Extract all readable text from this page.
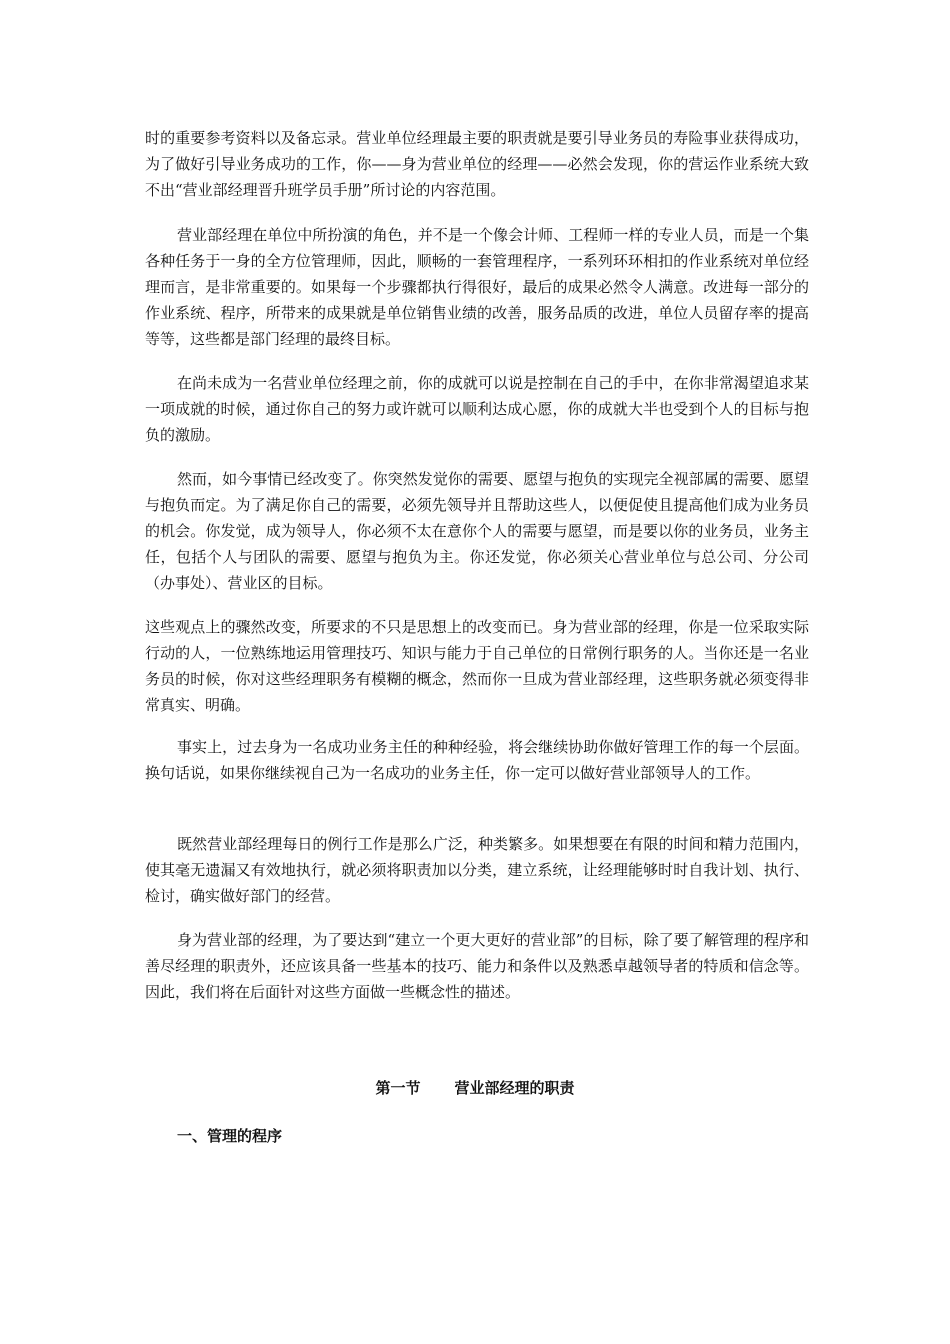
时的重要参考资料以及备忘录。营业单位经理最主要的职责就是要引导业务员的寿险事业获得成功，为了做好引导业务成功的工作，你——身为营业单位的经理——必然会发现，你的营运作业系统大致不出“营业部经理晋升班学员手册”所讨论的内容范围。

营业部经理在单位中所扮演的角色，并不是一个像会计师、工程师一样的专业人员，而是一个集各种任务于一身的全方位管理师，因此，顺畅的一套管理程序，一系列环环相扣的作业系统对单位经理而言，是非常重要的。如果每一个步骤都执行得很好，最后的成果必然令人满意。改进每一部分的作业系统、程序，所带来的成果就是单位销售业绩的改善，服务品质的改进，单位人员留存率的提高等等，这些都是部门经理的最终目标。

在尚未成为一名营业单位经理之前，你的成就可以说是控制在自己的手中，在你非常渴望追求某一项成就的时候，通过你自己的努力或许就可以顺利达成心愿，你的成就大半也受到个人的目标与抱负的激励。

然而，如今事情已经改变了。你突然发觉你的需要、愿望与抱负的实现完全视部属的需要、愿望与抱负而定。为了满足你自己的需要，必须先领导并且帮助这些人，以便促使且提高他们成为业务员的机会。你发觉，成为领导人，你必须不太在意你个人的需要与愿望，而是要以你的业务员，业务主任，包括个人与团队的需要、愿望与抱负为主。你还发觉，你必须关心营业单位与总公司、分公司（办事处）、营业区的目标。

这些观点上的骤然改变，所要求的不只是思想上的改变而已。身为营业部的经理，你是一位采取实际行动的人，一位熟练地运用管理技巧、知识与能力于自己单位的日常例行职务的人。当你还是一名业务员的时候，你对这些经理职务有模糊的概念，然而你一旦成为营业部经理，这些职务就必须变得非常真实、明确。

事实上，过去身为一名成功业务主任的种种经验，将会继续协助你做好管理工作的每一个层面。换句话说，如果你继续视自己为一名成功的业务主任，你一定可以做好营业部领导人的工作。

既然营业部经理每日的例行工作是那么广泛，种类繁多。如果想要在有限的时间和精力范围内，使其毫无遗漏又有效地执行，就必须将职责加以分类，建立系统，让经理能够时时自我计划、执行、检讨，确实做好部门的经营。

身为营业部的经理，为了要达到“建立一个更大更好的营业部”的目标，除了要了解管理的程序和善尽经理的职责外，还应该具备一些基本的技巧、能力和条件以及熟悉卓越领导者的特质和信念等。因此，我们将在后面针对这些方面做一些概念性的描述。

第一节 营业部经理的职责
一、管理的程序
